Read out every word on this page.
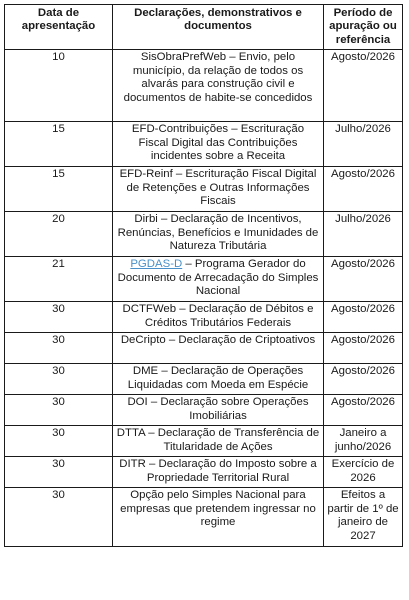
Data de apresentação	Declarações, demonstrativos e documentos	Período de apuração ou referência
10	SisObraPrefWeb – Envio, pelo município, da relação de todos os alvarás para construção civil e documentos de habite-se concedidos	Agosto/2026
15	EFD-Contribuições – Escrituração Fiscal Digital das Contribuições incidentes sobre a Receita	Julho/2026
15	EFD-Reinf – Escrituração Fiscal Digital de Retenções e Outras Informações Fiscais	Agosto/2026
20	Dirbi – Declaração de Incentivos, Renúncias, Benefícios e Imunidades de Natureza Tributária	Julho/2026
21	PGDAS-D – Programa Gerador do Documento de Arrecadação do Simples Nacional	Agosto/2026
30	DCTFWeb – Declaração de Débitos e Créditos Tributários Federais	Agosto/2026
30	DeCripto – Declaração de Criptoativos	Agosto/2026
30	DME – Declaração de Operações Liquidadas com Moeda em Espécie	Agosto/2026
30	DOI – Declaração sobre Operações Imobiliárias	Agosto/2026
30	DTTA – Declaração de Transferência de Titularidade de Ações	Janeiro a junho/2026
30	DITR – Declaração do Imposto sobre a Propriedade Territorial Rural	Exercício de 2026
30	Opção pelo Simples Nacional para empresas que pretendem ingressar no regime	Efeitos a partir de 1º de janeiro de 2027
